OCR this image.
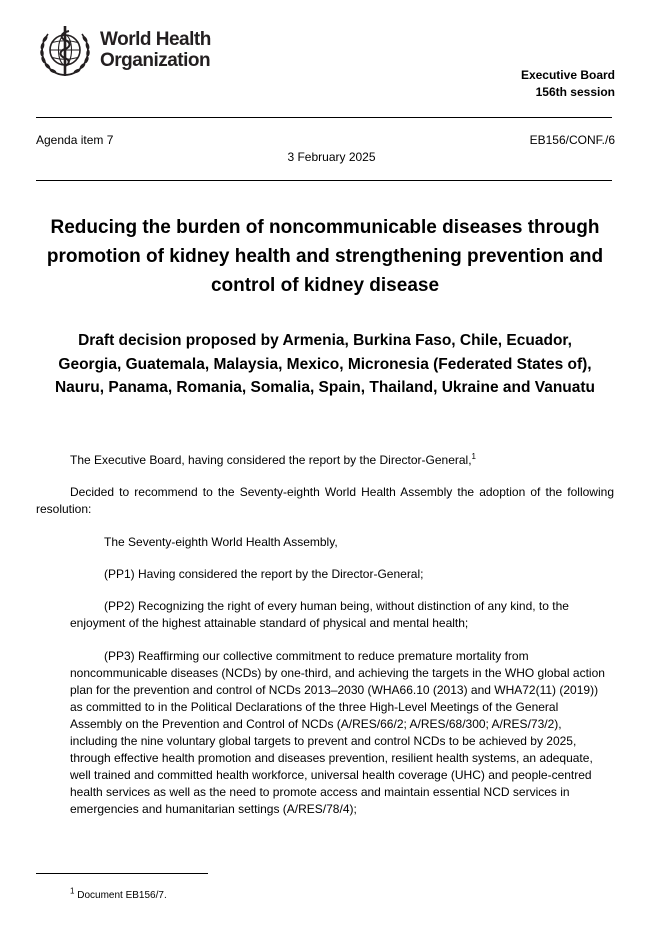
World Health
Organization
Executive Board
156th session
Agenda item 7	EB156/CONF./6
3 February 2025
Reducing the burden of noncommunicable diseases through promotion of kidney health and strengthening prevention and control of kidney disease
Draft decision proposed by Armenia, Burkina Faso, Chile, Ecuador, Georgia, Guatemala, Malaysia, Mexico, Micronesia (Federated States of), Nauru, Panama, Romania, Somalia, Spain, Thailand, Ukraine and Vanuatu
The Executive Board, having considered the report by the Director-General,$^1$
Decided to recommend to the Seventy-eighth World Health Assembly the adoption of the following resolution:
The Seventy-eighth World Health Assembly,
(PP1) Having considered the report by the Director-General;
(PP2) Recognizing the right of every human being, without distinction of any kind, to the enjoyment of the highest attainable standard of physical and mental health;
(PP3) Reaffirming our collective commitment to reduce premature mortality from noncommunicable diseases (NCDs) by one-third, and achieving the targets in the WHO global action plan for the prevention and control of NCDs 2013–2030 (WHA66.10 (2013) and WHA72(11) (2019)) as committed to in the Political Declarations of the three High-Level Meetings of the General Assembly on the Prevention and Control of NCDs (A/RES/66/2; A/RES/68/300; A/RES/73/2), including the nine voluntary global targets to prevent and control NCDs to be achieved by 2025, through effective health promotion and diseases prevention, resilient health systems, an adequate, well trained and committed health workforce, universal health coverage (UHC) and people-centred health services as well as the need to promote access and maintain essential NCD services in emergencies and humanitarian settings (A/RES/78/4);
$^1$ Document EB156/7.
